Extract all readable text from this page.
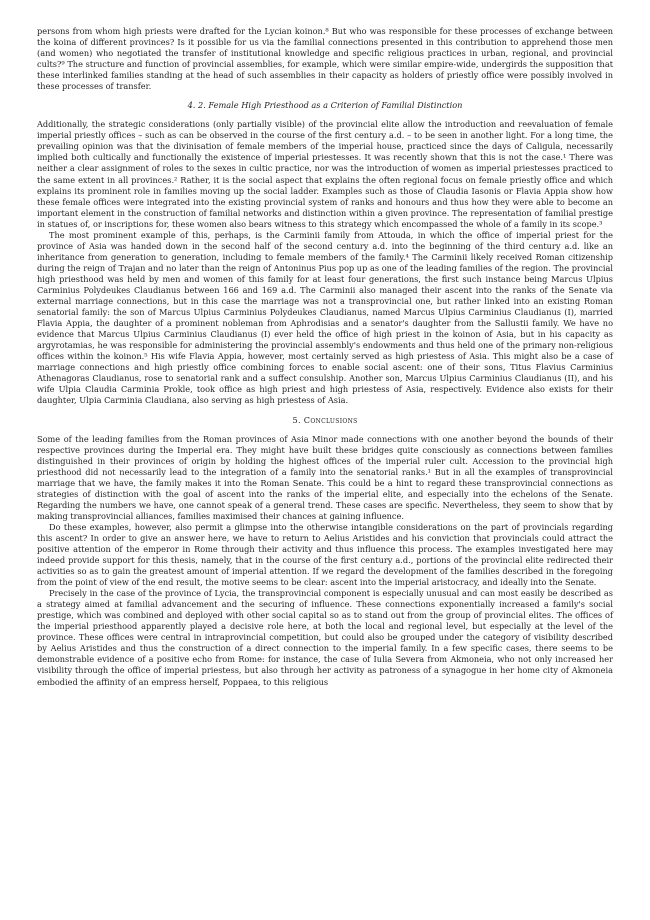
persons from whom high priests were drafted for the Lycian koinon.⁸ But who was responsible for these processes of exchange between the koina of different provinces? Is it possible for us via the familial connections presented in this contribution to apprehend those men (and women) who negotiated the transfer of institutional knowledge and specific religious practices in urban, regional, and provincial cults?⁹ The structure and function of provincial assemblies, for example, which were similar empire-wide, undergirds the supposition that these interlinked families standing at the head of such assemblies in their capacity as holders of priestly office were possibly involved in these processes of transfer.

4. 2. Female High Priesthood as a Criterion of Familial Distinction

Additionally, the strategic considerations (only partially visible) of the provincial elite allow the introduction and reevaluation of female imperial priestly offices – such as can be observed in the course of the first century a.d. – to be seen in another light. For a long time, the prevailing opinion was that the divinisation of female members of the imperial house, practiced since the days of Caligula, necessarily implied both cultically and functionally the existence of imperial priestesses. It was recently shown that this is not the case.¹ There was neither a clear assignment of roles to the sexes in cultic practice, nor was the introduction of women as imperial priestesses practiced to the same extent in all provinces.² Rather, it is the social aspect that explains the often regional focus on female priestly office and which explains its prominent role in families moving up the social ladder. Examples such as those of Claudia Iasonis or Flavia Appia show how these female offices were integrated into the existing provincial system of ranks and honours and thus how they were able to become an important element in the construction of familial networks and distinction within a given province. The representation of familial prestige in statues of, or inscriptions for, these women also bears witness to this strategy which encompassed the whole of a family in its scope.³

The most prominent example of this, perhaps, is the Carminii family from Attouda, in which the office of imperial priest for the province of Asia was handed down in the second half of the second century a.d. into the beginning of the third century a.d. like an inheritance from generation to generation, including to female members of the family.⁴ The Carminii likely received Roman citizenship during the reign of Trajan and no later than the reign of Antoninus Pius pop up as one of the leading families of the region. The provincial high priesthood was held by men and women of this family for at least four generations, the first such instance being Marcus Ulpius Carminius Polydeukes Claudianus between 166 and 169 a.d. The Carminii also managed their ascent into the ranks of the Senate via external marriage connections, but in this case the marriage was not a transprovincial one, but rather linked into an existing Roman senatorial family: the son of Marcus Ulpius Carminius Polydeukes Claudianus, named Marcus Ulpius Carminius Claudianus (I), married Flavia Appia, the daughter of a prominent nobleman from Aphrodisias and a senator's daughter from the Sallustii family. We have no evidence that Marcus Ulpius Carminius Claudianus (I) ever held the office of high priest in the koinon of Asia, but in his capacity as argyrotamias, he was responsible for administering the provincial assembly's endowments and thus held one of the primary non-religious offices within the koinon.⁵ His wife Flavia Appia, however, most certainly served as high priestess of Asia. This might also be a case of marriage connections and high priestly office combining forces to enable social ascent: one of their sons, Titus Flavius Carminius Athenagoras Claudianus, rose to senatorial rank and a suffect consulship. Another son, Marcus Ulpius Carminius Claudianus (II), and his wife Ulpia Claudia Carminia Prokle, took office as high priest and high priestess of Asia, respectively. Evidence also exists for their daughter, Ulpia Carminia Claudiana, also serving as high priestess of Asia.

5. Conclusions

Some of the leading families from the Roman provinces of Asia Minor made connections with one another beyond the bounds of their respective provinces during the Imperial era. They might have built these bridges quite consciously as connections between families distinguished in their provinces of origin by holding the highest offices of the imperial ruler cult. Accession to the provincial high priesthood did not necessarily lead to the integration of a family into the senatorial ranks.¹ But in all the examples of transprovincial marriage that we have, the family makes it into the Roman Senate. This could be a hint to regard these transprovincial connections as strategies of distinction with the goal of ascent into the ranks of the imperial elite, and especially into the echelons of the Senate. Regarding the numbers we have, one cannot speak of a general trend. These cases are specific. Nevertheless, they seem to show that by making transprovincial alliances, families maximised their chances at gaining influence.

Do these examples, however, also permit a glimpse into the otherwise intangible considerations on the part of provincials regarding this ascent? In order to give an answer here, we have to return to Aelius Aristides and his conviction that provincials could attract the positive attention of the emperor in Rome through their activity and thus influence this process. The examples investigated here may indeed provide support for this thesis, namely, that in the course of the first century a.d., portions of the provincial elite redirected their activities so as to gain the greatest amount of imperial attention. If we regard the development of the families described in the foregoing from the point of view of the end result, the motive seems to be clear: ascent into the imperial aristocracy, and ideally into the Senate.

Precisely in the case of the province of Lycia, the transprovincial component is especially unusual and can most easily be described as a strategy aimed at familial advancement and the securing of influence. These connections exponentially increased a family's social prestige, which was combined and deployed with other social capital so as to stand out from the group of provincial elites. The offices of the imperial priesthood apparently played a decisive role here, at both the local and regional level, but especially at the level of the province. These offices were central in intraprovincial competition, but could also be grouped under the category of visibility described by Aelius Aristides and thus the construction of a direct connection to the imperial family. In a few specific cases, there seems to be demonstrable evidence of a positive echo from Rome: for instance, the case of Iulia Severa from Akmoneia, who not only increased her visibility through the office of imperial priestess, but also through her activity as patroness of a synagogue in her home city of Akmoneia embodied the affinity of an empress herself, Poppaea, to this religious
